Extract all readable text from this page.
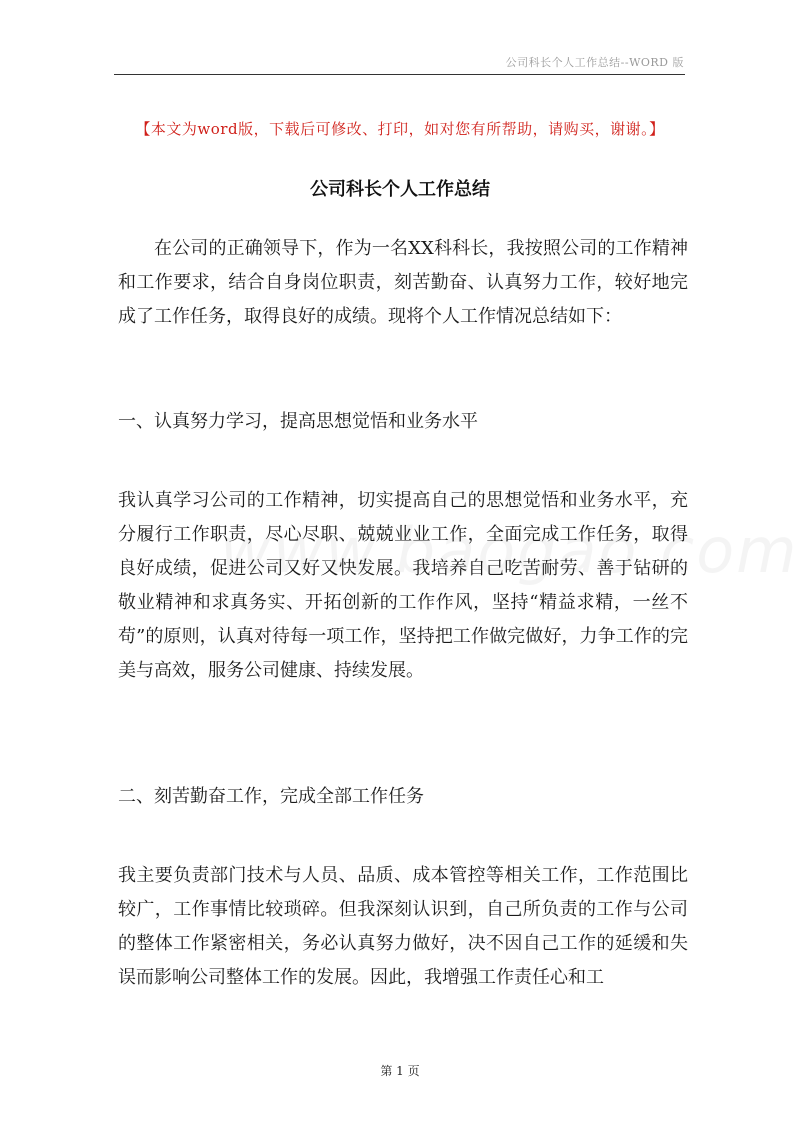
公司科长个人工作总结--WORD 版
【本文为word版，下载后可修改、打印，如对您有所帮助，请购买，谢谢。】
公司科长个人工作总结
在公司的正确领导下，作为一名XX科科长，我按照公司的工作精神和工作要求，结合自身岗位职责，刻苦勤奋、认真努力工作，较好地完成了工作任务，取得良好的成绩。现将个人工作情况总结如下：
一、认真努力学习，提高思想觉悟和业务水平
我认真学习公司的工作精神，切实提高自己的思想觉悟和业务水平，充分履行工作职责，尽心尽职、兢兢业业工作，全面完成工作任务，取得良好成绩，促进公司又好又快发展。我培养自己吃苦耐劳、善于钻研的敬业精神和求真务实、开拓创新的工作作风，坚持“精益求精，一丝不苟”的原则，认真对待每一项工作，坚持把工作做完做好，力争工作的完美与高效，服务公司健康、持续发展。
二、刻苦勤奋工作，完成全部工作任务
我主要负责部门技术与人员、品质、成本管控等相关工作，工作范围比较广，工作事情比较琐碎。但我深刻认识到，自己所负责的工作与公司的整体工作紧密相关，务必认真努力做好，决不因自己工作的延缓和失误而影响公司整体工作的发展。因此，我增强工作责任心和工
第 1 页
